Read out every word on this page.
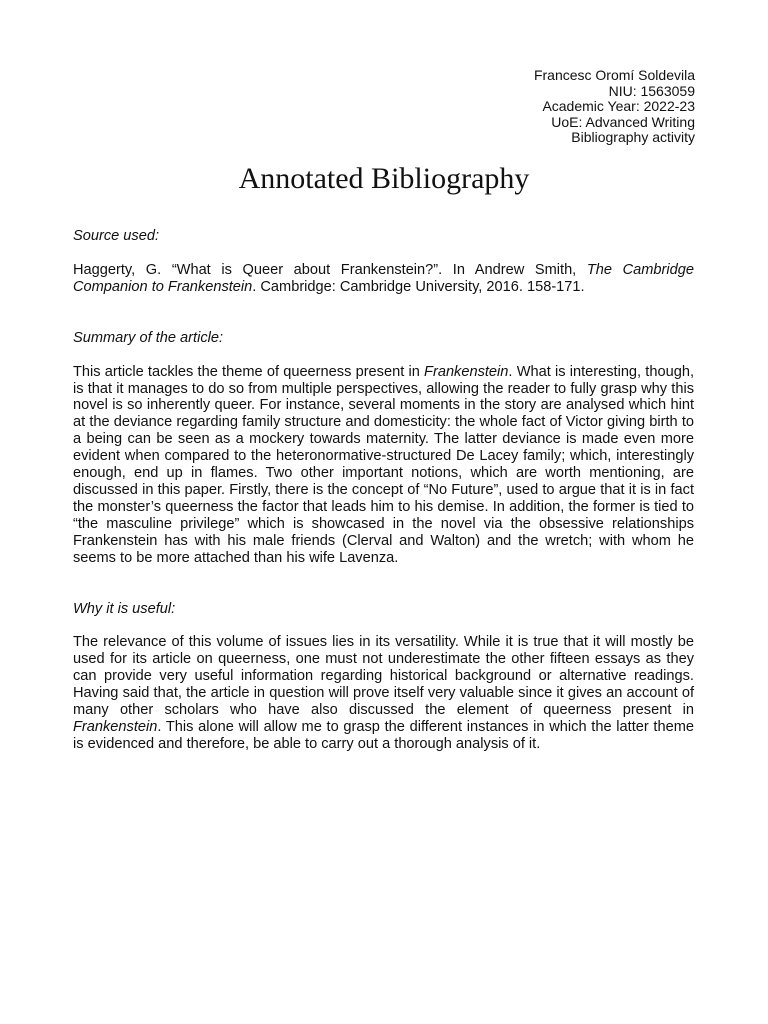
Francesc Oromí Soldevila
NIU: 1563059
Academic Year: 2022-23
UoE: Advanced Writing
Bibliography activity
Annotated Bibliography

Source used:

Haggerty, G. “What is Queer about Frankenstein?”. In Andrew Smith, The Cambridge Companion to Frankenstein. Cambridge: Cambridge University, 2016. 158-171.

Summary of the article:

This article tackles the theme of queerness present in Frankenstein. What is interesting, though, is that it manages to do so from multiple perspectives, allowing the reader to fully grasp why this novel is so inherently queer. For instance, several moments in the story are analysed which hint at the deviance regarding family structure and domesticity: the whole fact of Victor giving birth to a being can be seen as a mockery towards maternity. The latter deviance is made even more evident when compared to the heteronormative-structured De Lacey family; which, interestingly enough, end up in flames. Two other important notions, which are worth mentioning, are discussed in this paper. Firstly, there is the concept of “No Future”, used to argue that it is in fact the monster’s queerness the factor that leads him to his demise. In addition, the former is tied to “the masculine privilege” which is showcased in the novel via the obsessive relationships Frankenstein has with his male friends (Clerval and Walton) and the wretch; with whom he seems to be more attached than his wife Lavenza.

Why it is useful:

The relevance of this volume of issues lies in its versatility. While it is true that it will mostly be used for its article on queerness, one must not underestimate the other fifteen essays as they can provide very useful information regarding historical background or alternative readings. Having said that, the article in question will prove itself very valuable since it gives an account of many other scholars who have also discussed the element of queerness present in Frankenstein. This alone will allow me to grasp the different instances in which the latter theme is evidenced and therefore, be able to carry out a thorough analysis of it.
